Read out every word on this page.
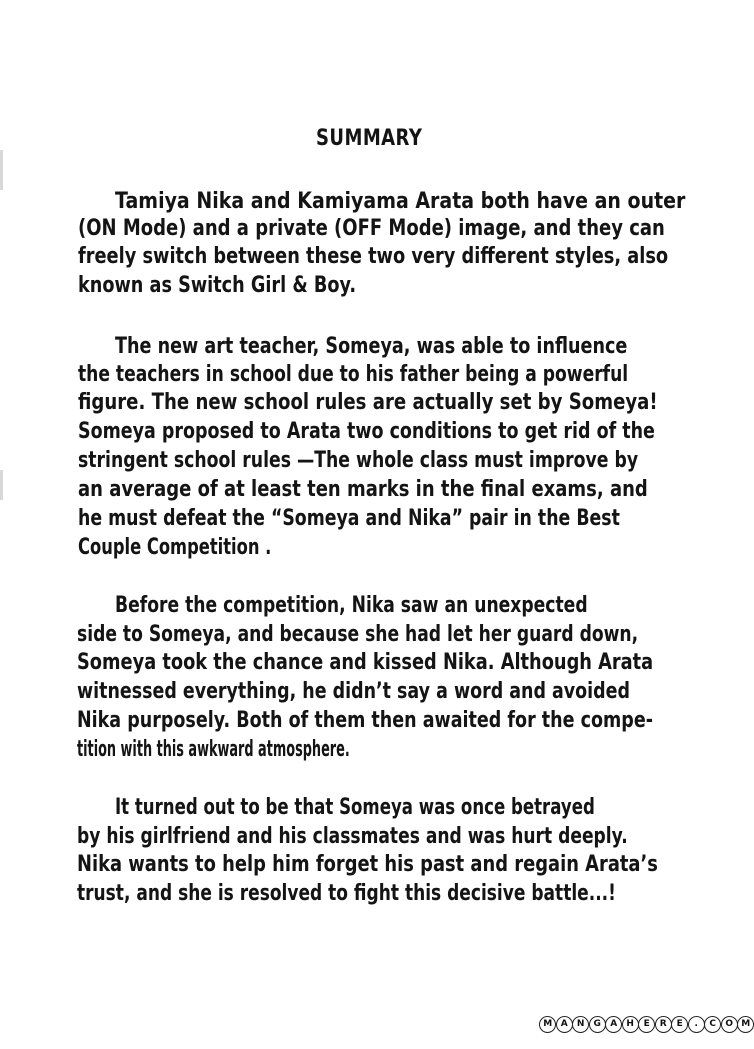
SUMMARY
Tamiya Nika and Kamiyama Arata both have an outer
(ON Mode) and a private (OFF Mode) image, and they can
freely switch between these two very different styles, also
known as Switch Girl & Boy.
The new art teacher, Someya, was able to influence
the teachers in school due to his father being a powerful
figure. The new school rules are actually set by Someya!
Someya proposed to Arata two conditions to get rid of the
stringent school rules —The whole class must improve by
an average of at least ten marks in the final exams, and
he must defeat the “Someya and Nika” pair in the Best
Couple Competition .
Before the competition, Nika saw an unexpected
side to Someya, and because she had let her guard down,
Someya took the chance and kissed Nika. Although Arata
witnessed everything, he didn’t say a word and avoided
Nika purposely. Both of them then awaited for the compe-
tition with this awkward atmosphere.
It turned out to be that Someya was once betrayed
by his girlfriend and his classmates and was hurt deeply.
Nika wants to help him forget his past and regain Arata’s
trust, and she is resolved to fight this decisive battle...!
M A	N	G	A	H	E	R	E	.	C	O M
